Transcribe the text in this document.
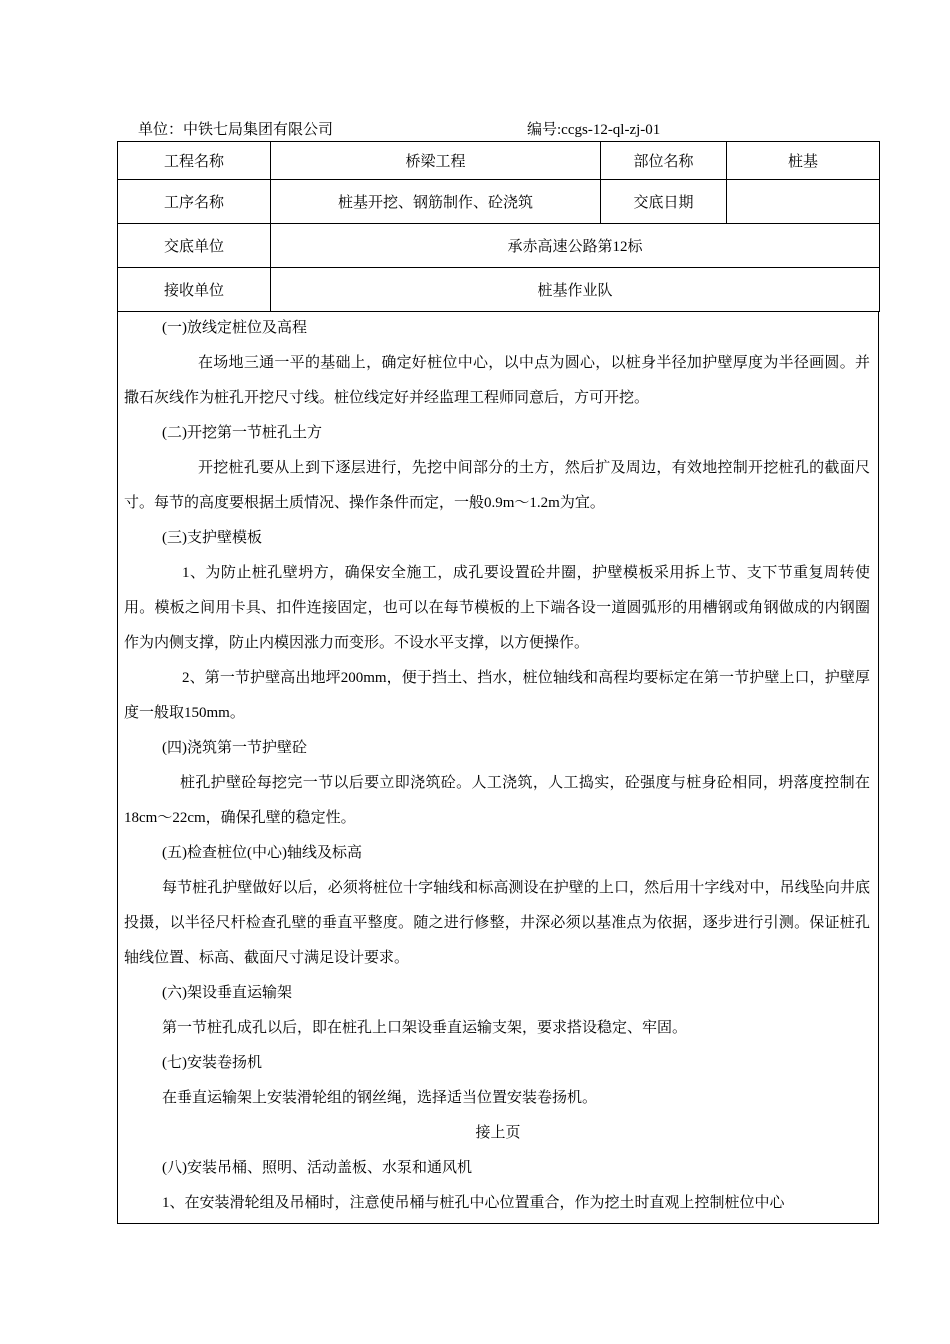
单位：中铁七局集团有限公司	编号:ccgs-12-ql-zj-01
工程名称	桥梁工程	部位名称	桩基
工序名称	桩基开挖、钢筋制作、砼浇筑	交底日期	
交底单位	承赤高速公路第12标		
接收单位	桩基作业队		

(一)放线定桩位及高程

在场地三通一平的基础上，确定好桩位中心，以中点为圆心，以桩身半径加护壁厚度为半径画圆。并撒石灰线作为桩孔开挖尺寸线。桩位线定好并经监理工程师同意后，方可开挖。

(二)开挖第一节桩孔土方

开挖桩孔要从上到下逐层进行，先挖中间部分的土方，然后扩及周边，有效地控制开挖桩孔的截面尺寸。每节的高度要根据土质情况、操作条件而定，一般0.9m～1.2m为宜。

(三)支护壁模板

1、为防止桩孔壁坍方，确保安全施工，成孔要设置砼井圈，护壁模板采用拆上节、支下节重复周转使用。模板之间用卡具、扣件连接固定，也可以在每节模板的上下端各设一道圆弧形的用槽钢或角钢做成的内钢圈作为内侧支撑，防止内模因涨力而变形。不设水平支撑，以方便操作。

2、第一节护壁高出地坪200mm，便于挡土、挡水，桩位轴线和高程均要标定在第一节护壁上口，护壁厚度一般取150mm。

(四)浇筑第一节护壁砼

桩孔护壁砼每挖完一节以后要立即浇筑砼。人工浇筑，人工捣实，砼强度与桩身砼相同，坍落度控制在18cm～22cm，确保孔壁的稳定性。

(五)检查桩位(中心)轴线及标高

每节桩孔护壁做好以后，必须将桩位十字轴线和标高测设在护壁的上口，然后用十字线对中，吊线坠向井底投摄，以半径尺杆检查孔壁的垂直平整度。随之进行修整，井深必须以基准点为依据，逐步进行引测。保证桩孔轴线位置、标高、截面尺寸满足设计要求。

(六)架设垂直运输架

第一节桩孔成孔以后，即在桩孔上口架设垂直运输支架，要求搭设稳定、牢固。

(七)安装卷扬机

在垂直运输架上安装滑轮组的钢丝绳，选择适当位置安装卷扬机。

接上页

(八)安装吊桶、照明、活动盖板、水泵和通风机

1、在安装滑轮组及吊桶时，注意使吊桶与桩孔中心位置重合，作为挖土时直观上控制桩位中心
